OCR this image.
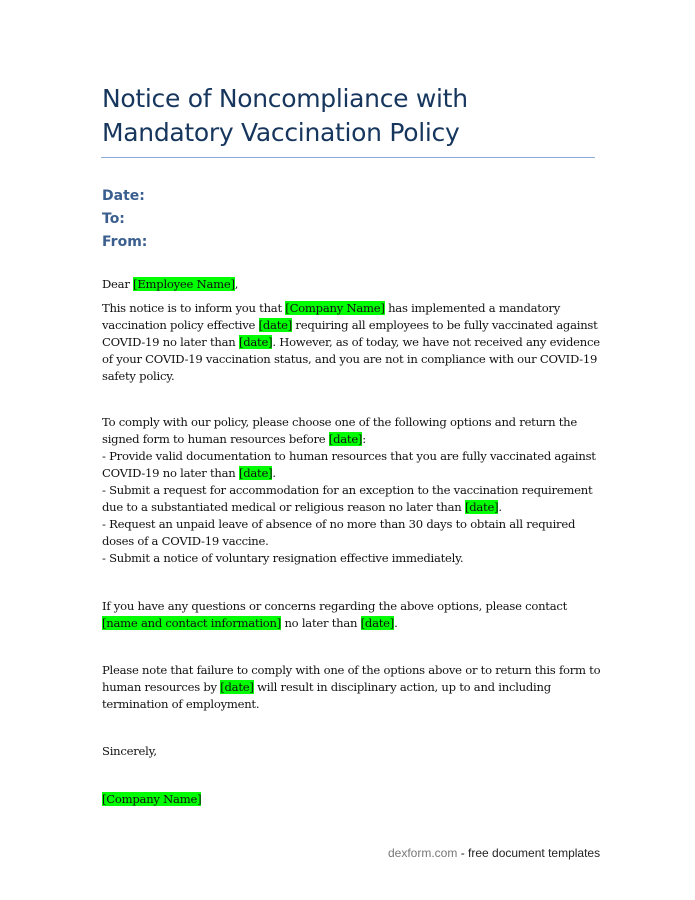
Notice of Noncompliance with
Mandatory Vaccination Policy
Date:
To:
From:
Dear [Employee Name],
This notice is to inform you that [Company Name] has implemented a mandatory vaccination policy effective [date] requiring all employees to be fully vaccinated against COVID-19 no later than [date]. However, as of today, we have not received any evidence of your COVID-19 vaccination status, and you are not in compliance with our COVID-19 safety policy.
To comply with our policy, please choose one of the following options and return the signed form to human resources before [date]:
- Provide valid documentation to human resources that you are fully vaccinated against COVID-19 no later than [date].
- Submit a request for accommodation for an exception to the vaccination requirement due to a substantiated medical or religious reason no later than [date].
- Request an unpaid leave of absence of no more than 30 days to obtain all required doses of a COVID-19 vaccine.
- Submit a notice of voluntary resignation effective immediately.
If you have any questions or concerns regarding the above options, please contact [name and contact information] no later than [date].
Please note that failure to comply with one of the options above or to return this form to human resources by [date] will result in disciplinary action, up to and including termination of employment.
Sincerely,
[Company Name]
dexform.com - free document templates
